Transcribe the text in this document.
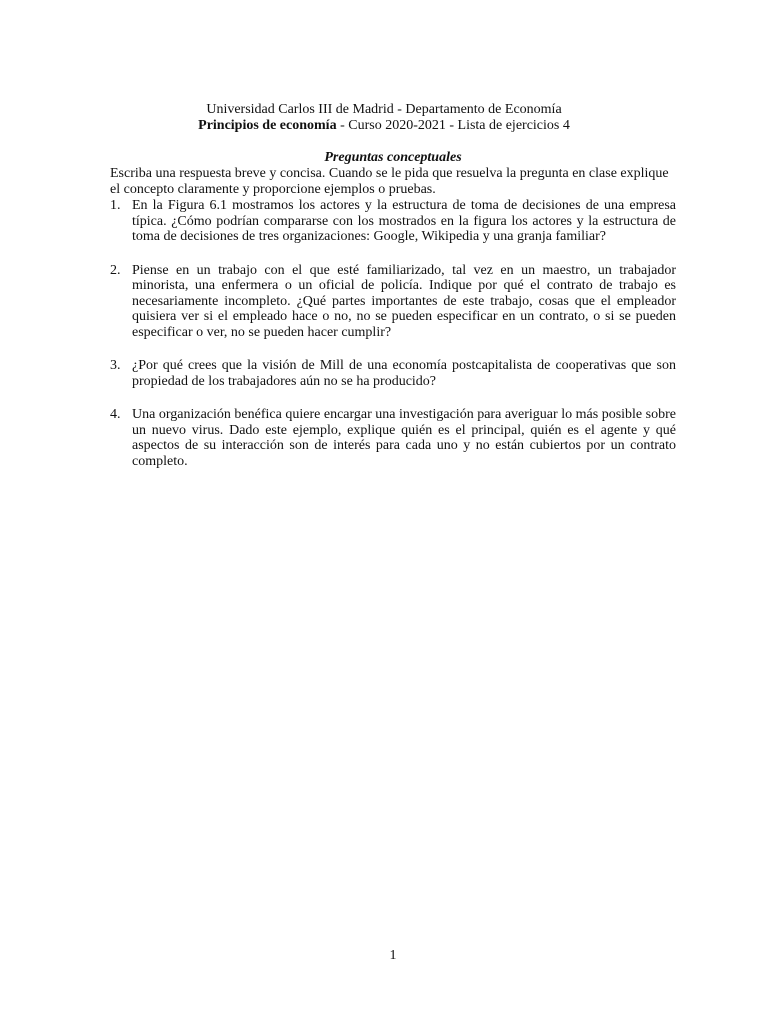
Universidad Carlos III de Madrid - Departamento de Economía
Principios de economía - Curso 2020-2021 - Lista de ejercicios 4
Preguntas conceptuales
Escriba una respuesta breve y concisa. Cuando se le pida que resuelva la pregunta en clase explique el concepto claramente y proporcione ejemplos o pruebas.
1. En la Figura 6.1 mostramos los actores y la estructura de toma de decisiones de una empresa típica. ¿Cómo podrían compararse con los mostrados en la figura los actores y la estructura de toma de decisiones de tres organizaciones: Google, Wikipedia y una granja familiar?
2. Piense en un trabajo con el que esté familiarizado, tal vez en un maestro, un trabajador minorista, una enfermera o un oficial de policía. Indique por qué el contrato de trabajo es necesariamente incompleto. ¿Qué partes importantes de este trabajo, cosas que el empleador quisiera ver si el empleado hace o no, no se pueden especificar en un contrato, o si se pueden especificar o ver, no se pueden hacer cumplir?
3. ¿Por qué crees que la visión de Mill de una economía postcapitalista de cooperativas que son propiedad de los trabajadores aún no se ha producido?
4. Una organización benéfica quiere encargar una investigación para averiguar lo más posible sobre un nuevo virus. Dado este ejemplo, explique quién es el principal, quién es el agente y qué aspectos de su interacción son de interés para cada uno y no están cubiertos por un contrato completo.
1
